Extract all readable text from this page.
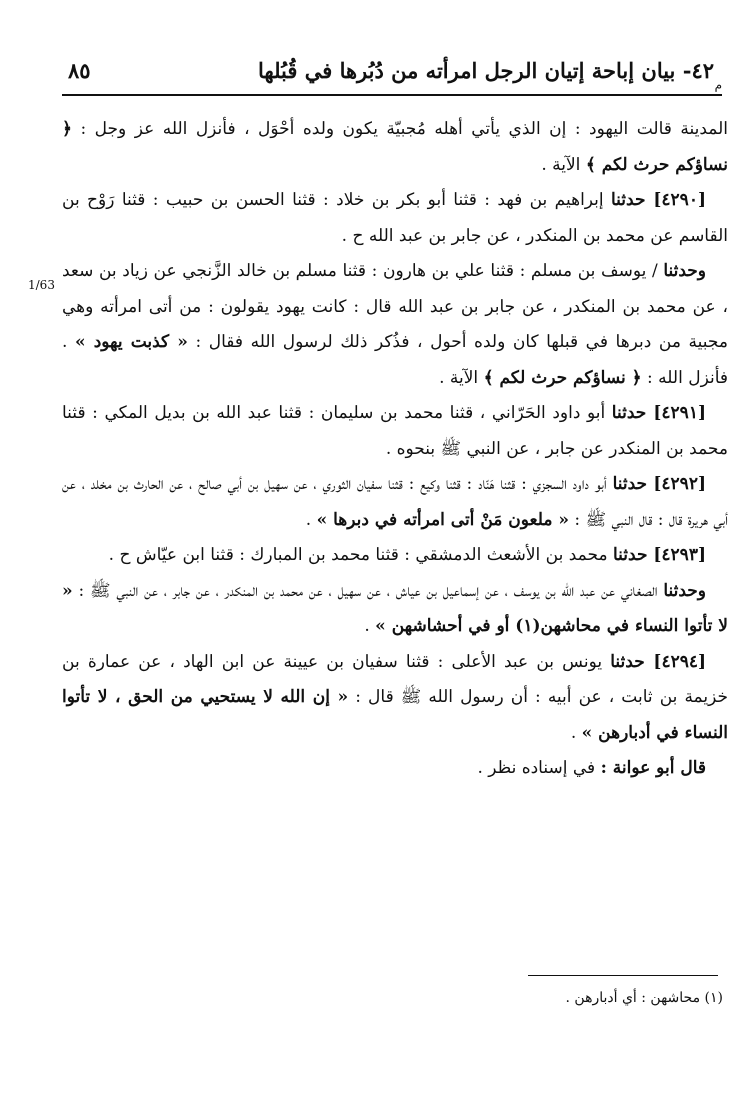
٤٢- بيان إباحة إتيان الرجل امرأته من دُبُرها في قُبُلها
م
٨٥
1/63

المدينة قالت اليهود : إن الذي يأتي أهله مُجبيّة يكون ولده أحْوَل ، فأنزل الله عز وجل : ﴿ نساؤكم حرث لكم ﴾ الآية .

[٤٢٩٠] حدثنا إبراهيم بن فهد : قثنا أبو بكر بن خلاد : قثنا الحسن بن حبيب : قثنا رَوْح بن القاسم عن محمد بن المنكدر ، عن جابر بن عبد الله ح .

وحدثنا / يوسف بن مسلم : قثنا علي بن هارون : قثنا مسلم بن خالد الزَّنجي عن زياد بن سعد ، عن محمد بن المنكدر ، عن جابر بن عبد الله قال : كانت يهود يقولون : من أتى امرأته وهي مجبية من دبرها في قبلها كان ولده أحول ، فذُكر ذلك لرسول الله فقال : « كذبت يهود » . فأنزل الله : ﴿ نساؤكم حرث لكم ﴾ الآية .

[٤٢٩١] حدثنا أبو داود الحَرّاني ، قثنا محمد بن سليمان : قثنا عبد الله بن بديل المكي : قثنا محمد بن المنكدر عن جابر ، عن النبي ﷺ بنحوه .

[٤٢٩٢] حدثنا أبو داود السجزي : قثنا هَنّاد : قثنا وكيع : قثنا سفيان الثوري ، عن سهيل بن أبي صالح ، عن الحارث بن مخلد ، عن أبي هريرة قال : قال النبي ﷺ : « ملعون مَنْ أتى امرأته في دبرها » .

[٤٢٩٣] حدثنا محمد بن الأشعث الدمشقي : قثنا محمد بن المبارك : قثنا ابن عيّاش ح .

وحدثنا الصغاني عن عبد الله بن يوسف ، عن إسماعيل بن عياش ، عن سهيل ، عن محمد بن المنكدر ، عن جابر ، عن النبي ﷺ : « لا تأتوا النساء في محاشهن(١) أو في أحشاشهن » .

[٤٢٩٤] حدثنا يونس بن عبد الأعلى : قثنا سفيان بن عيينة عن ابن الهاد ، عن عمارة بن خزيمة بن ثابت ، عن أبيه : أن رسول الله ﷺ قال : « إن الله لا يستحيي من الحق ، لا تأتوا النساء في أدبارهن » .

قال أبو عوانة : في إسناده نظر .

(١) محاشهن : أي أدبارهن .
